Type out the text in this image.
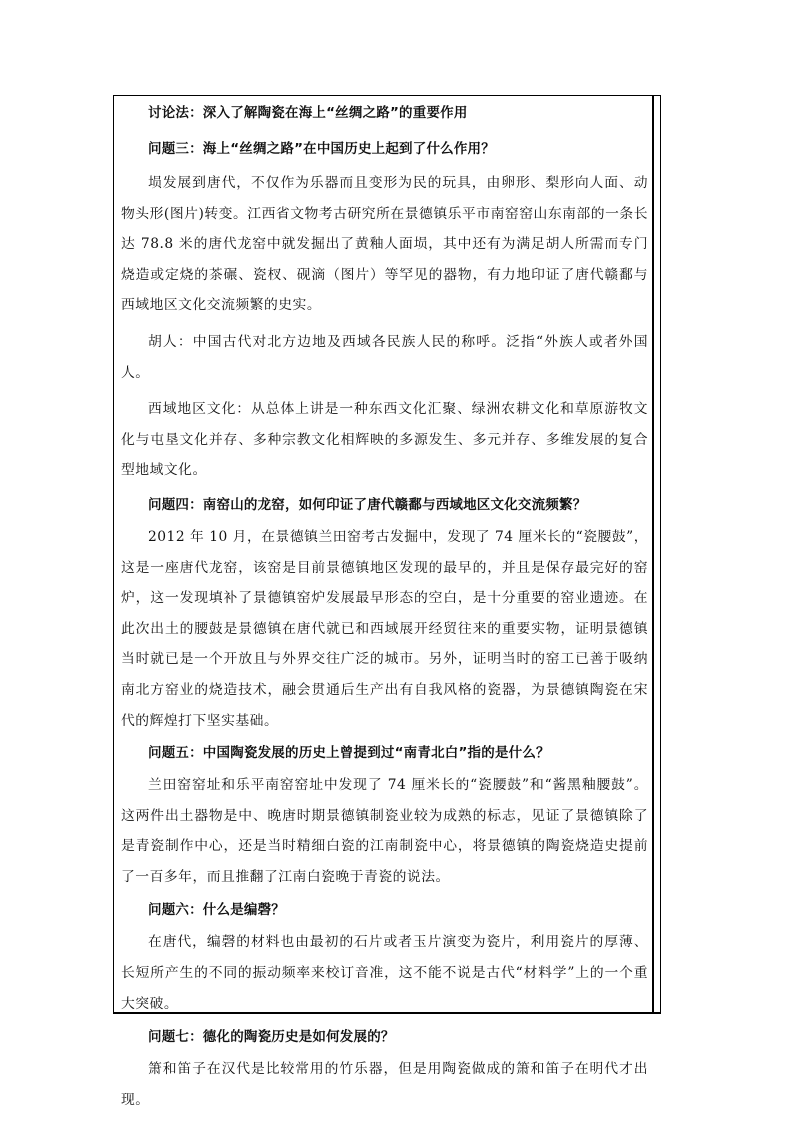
讨论法：深入了解陶瓷在海上“丝绸之路”的重要作用

问题三：海上“丝绸之路”在中国历史上起到了什么作用？

埙发展到唐代，不仅作为乐器而且变形为民的玩具，由卵形、梨形向人面、动物头形(图片)转变。江西省文物考古研究所在景德镇乐平市南窑窑山东南部的一条长达 78.8 米的唐代龙窑中就发掘出了黄釉人面埙，其中还有为满足胡人所需而专门烧造或定烧的茶碾、瓷杈、砚滴（图片）等罕见的器物，有力地印证了唐代赣鄱与西域地区文化交流频繁的史实。

胡人：中国古代对北方边地及西域各民族人民的称呼。泛指“外族人或者外国人。

西域地区文化：从总体上讲是一种东西文化汇聚、绿洲农耕文化和草原游牧文化与屯垦文化并存、多种宗教文化相辉映的多源发生、多元并存、多维发展的复合型地域文化。

问题四：南窑山的龙窑，如何印证了唐代赣鄱与西域地区文化交流频繁？

2012 年 10 月，在景德镇兰田窑考古发掘中，发现了 74 厘米长的“瓷腰鼓”，这是一座唐代龙窑，该窑是目前景德镇地区发现的最早的，并且是保存最完好的窑炉，这一发现填补了景德镇窑炉发展最早形态的空白，是十分重要的窑业遗迹。在此次出土的腰鼓是景德镇在唐代就已和西域展开经贸往来的重要实物，证明景德镇当时就已是一个开放且与外界交往广泛的城市。另外，证明当时的窑工已善于吸纳南北方窑业的烧造技术，融会贯通后生产出有自我风格的瓷器，为景德镇陶瓷在宋代的辉煌打下坚实基础。

问题五：中国陶瓷发展的历史上曾提到过“南青北白”指的是什么？

兰田窑窑址和乐平南窑窑址中发现了 74 厘米长的“瓷腰鼓”和“酱黑釉腰鼓”。这两件出土器物是中、晚唐时期景德镇制瓷业较为成熟的标志，见证了景德镇除了是青瓷制作中心，还是当时精细白瓷的江南制瓷中心，将景德镇的陶瓷烧造史提前了一百多年，而且推翻了江南白瓷晚于青瓷的说法。

问题六：什么是编磬？

在唐代，编磬的材料也由最初的石片或者玉片演变为瓷片，利用瓷片的厚薄、长短所产生的不同的振动频率来校订音准，这不能不说是古代“材料学”上的一个重大突破。

问题七：德化的陶瓷历史是如何发展的？

箫和笛子在汉代是比较常用的竹乐器，但是用陶瓷做成的箫和笛子在明代才出现。
